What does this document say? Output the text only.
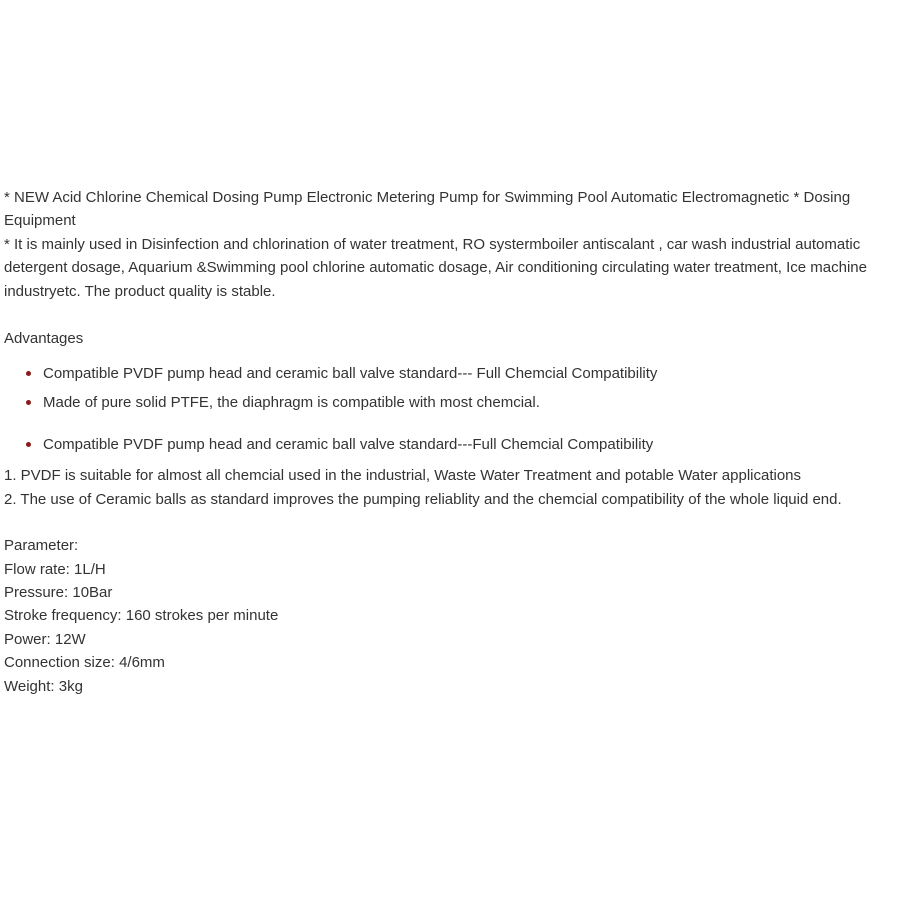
* NEW Acid Chlorine Chemical Dosing Pump Electronic Metering Pump for Swimming Pool Automatic Electromagnetic * Dosing Equipment

* It is mainly used in Disinfection and chlorination of water treatment, RO systermboiler antiscalant , car wash industrial automatic detergent dosage, Aquarium &Swimming pool chlorine automatic dosage, Air conditioning circulating water treatment, Ice machine industryetc. The product quality is stable.

Advantages

Compatible PVDF pump head and ceramic ball valve standard--- Full Chemcial Compatibility
Made of pure solid PTFE, the diaphragm is compatible with most chemcial.
Compatible PVDF pump head and ceramic ball valve standard---Full Chemcial Compatibility

1. PVDF is suitable for almost all chemcial used in the industrial, Waste Water Treatment and potable Water applications

2. The use of Ceramic balls as standard improves the pumping reliablity and the chemcial compatibility of the whole liquid end.

Parameter:

Flow rate: 1L/H

Pressure: 10Bar

Stroke frequency: 160 strokes per minute

Power: 12W

Connection size: 4/6mm

Weight: 3kg
